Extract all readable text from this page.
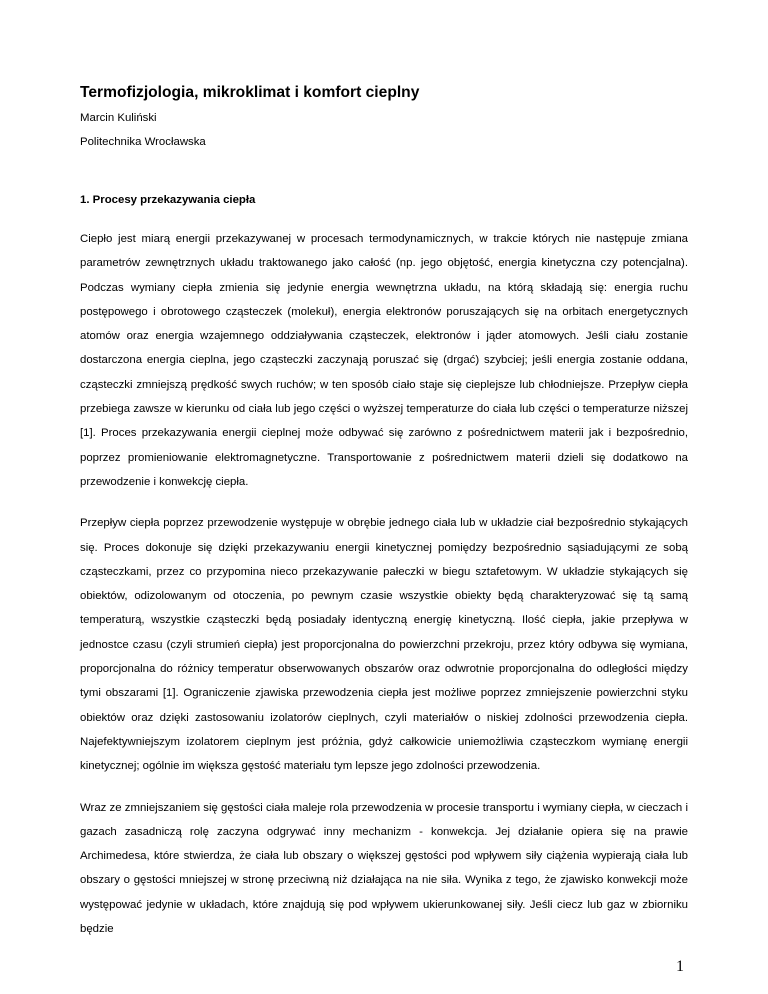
Termofizjologia, mikroklimat i komfort cieplny
Marcin Kuliński
Politechnika Wrocławska
1. Procesy przekazywania ciepła

Ciepło jest miarą energii przekazywanej w procesach termodynamicznych, w trakcie których nie następuje zmiana parametrów zewnętrznych układu traktowanego jako całość (np. jego objętość, energia kinetyczna czy potencjalna). Podczas wymiany ciepła zmienia się jedynie energia wewnętrzna układu, na którą składają się: energia ruchu postępowego i obrotowego cząsteczek (molekuł), energia elektronów poruszających się na orbitach energetycznych atomów oraz energia wzajemnego oddziaływania cząsteczek, elektronów i jąder atomowych. Jeśli ciału zostanie dostarczona energia cieplna, jego cząsteczki zaczynają poruszać się (drgać) szybciej; jeśli energia zostanie oddana, cząsteczki zmniejszą prędkość swych ruchów; w ten sposób ciało staje się cieplejsze lub chłodniejsze. Przepływ ciepła przebiega zawsze w kierunku od ciała lub jego części o wyższej temperaturze do ciała lub części o temperaturze niższej [1]. Proces przekazywania energii cieplnej może odbywać się zarówno z pośrednictwem materii jak i bezpośrednio, poprzez promieniowanie elektromagnetyczne. Transportowanie z pośrednictwem materii dzieli się dodatkowo na przewodzenie i konwekcję ciepła.

Przepływ ciepła poprzez przewodzenie występuje w obrębie jednego ciała lub w układzie ciał bezpośrednio stykających się. Proces dokonuje się dzięki przekazywaniu energii kinetycznej pomiędzy bezpośrednio sąsiadującymi ze sobą cząsteczkami, przez co przypomina nieco przekazywanie pałeczki w biegu sztafetowym. W układzie stykających się obiektów, odizolowanym od otoczenia, po pewnym czasie wszystkie obiekty będą charakteryzować się tą samą temperaturą, wszystkie cząsteczki będą posiadały identyczną energię kinetyczną. Ilość ciepła, jakie przepływa w jednostce czasu (czyli strumień ciepła) jest proporcjonalna do powierzchni przekroju, przez który odbywa się wymiana, proporcjonalna do różnicy temperatur obserwowanych obszarów oraz odwrotnie proporcjonalna do odległości między tymi obszarami [1]. Ograniczenie zjawiska przewodzenia ciepła jest możliwe poprzez zmniejszenie powierzchni styku obiektów oraz dzięki zastosowaniu izolatorów cieplnych, czyli materiałów o niskiej zdolności przewodzenia ciepła. Najefektywniejszym izolatorem cieplnym jest próżnia, gdyż całkowicie uniemożliwia cząsteczkom wymianę energii kinetycznej; ogólnie im większa gęstość materiału tym lepsze jego zdolności przewodzenia.

Wraz ze zmniejszaniem się gęstości ciała maleje rola przewodzenia w procesie transportu i wymiany ciepła, w cieczach i gazach zasadniczą rolę zaczyna odgrywać inny mechanizm - konwekcja. Jej działanie opiera się na prawie Archimedesa, które stwierdza, że ciała lub obszary o większej gęstości pod wpływem siły ciążenia wypierają ciała lub obszary o gęstości mniejszej w stronę przeciwną niż działająca na nie siła. Wynika z tego, że zjawisko konwekcji może występować jedynie w układach, które znajdują się pod wpływem ukierunkowanej siły. Jeśli ciecz lub gaz w zbiorniku będzie

1
